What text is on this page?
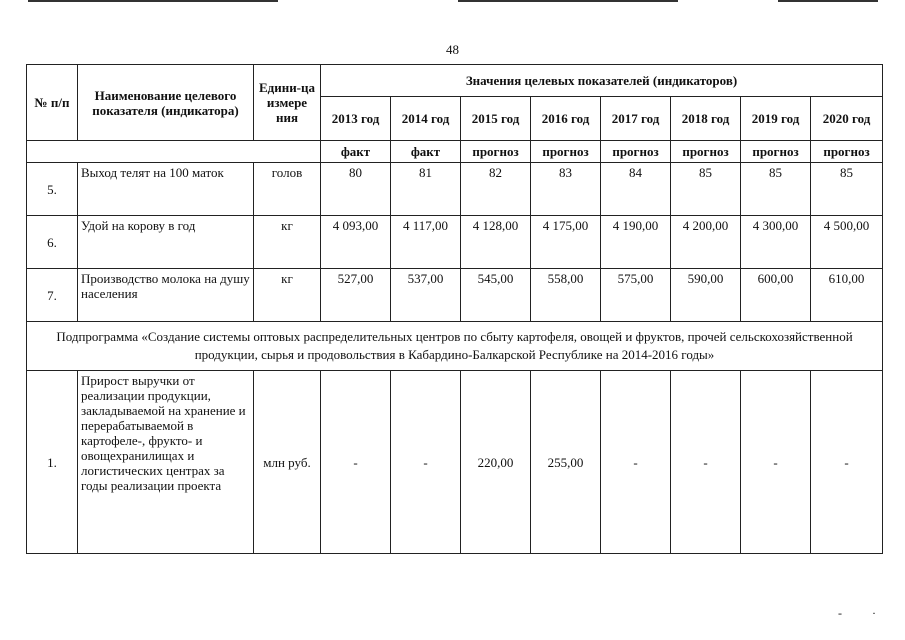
48
№ п/п	Наименование целевого показателя (индикатора)	Едини-ца измере ния	Значения целевых показателей (индикаторов)							
			2013 год	2014 год	2015 год	2016 год	2017 год	2018 год	2019 год	2020 год
			факт	факт	прогноз	прогноз	прогноз	прогноз	прогноз	прогноз
5.	Выход телят на 100 маток	голов	80	81	82	83	84	85	85	85
6.	Удой на корову в год	кг	4 093,00	4 117,00	4 128,00	4 175,00	4 190,00	4 200,00	4 300,00	4 500,00
7.	Производство молока на душу населения	кг	527,00	537,00	545,00	558,00	575,00	590,00	600,00	610,00
Подпрограмма «Создание системы оптовых распределительных центров по сбыту картофеля, овощей и фруктов, прочей сельскохозяйственной продукции, сырья и продовольствия в Кабардино-Балкарской Республике на 2014-2016 годы»										
1.	Прирост выручки от реализации продукции, закладываемой на хранение и перерабатываемой в картофеле-, фрукто- и овощехранилищах и логистических центрах за годы реализации проекта	млн руб.	-	-	220,00	255,00	-	-	-	-
‑	·
